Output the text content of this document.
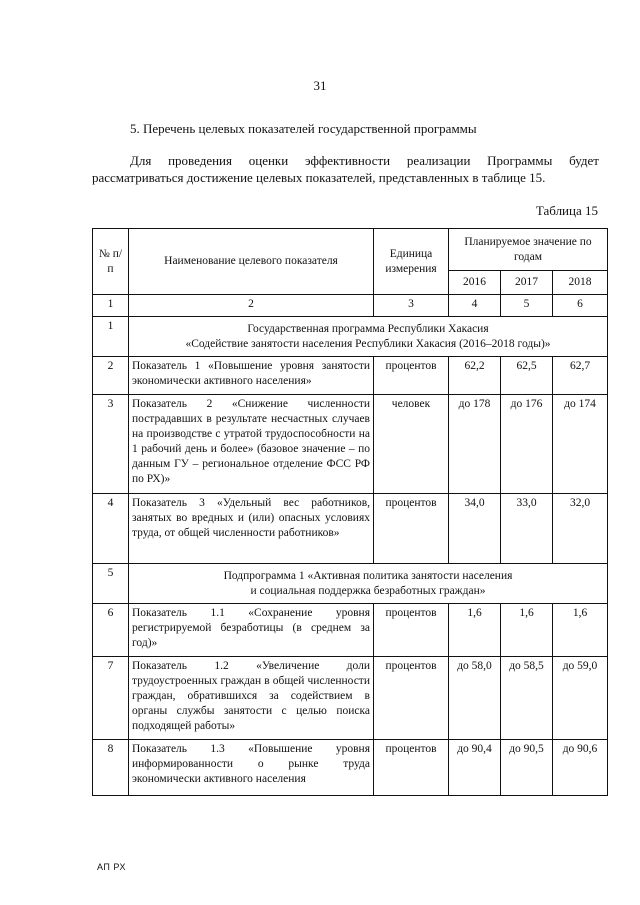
31
5. Перечень целевых показателей государственной программы
Для проведения оценки эффективности реализации Программы будет
рассматриваться достижение целевых показателей, представленных в таблице 15.
Таблица 15
№ п/п	Наименование целевого показателя	Единица измерения	Планируемое значение по годам		
			2016	2017	2018
1	2	3	4	5	6
1	Государственная программа Республики Хакасия
«Содействие занятости населения Республики Хакасия (2016–2018 годы)»				

2	Показатель 1 «Повышение уровня занятости экономически активного населения»	процентов	62,2	62,5	62,7
3	Показатель 2 «Снижение численности пострадавших в результате несчастных случаев на производстве с утратой трудоспособности на 1 рабочий день и более» (базовое значение – по данным ГУ – региональное отделение ФСС РФ по РХ)»	человек	до 178	до 176	до 174
4	Показатель 3 «Удельный вес работников, занятых во вредных и (или) опасных условиях труда, от общей численности работников»	процентов	34,0	33,0	32,0
5	Подпрограмма 1 «Активная политика занятости населения
и социальная поддержка безработных граждан»				

6	Показатель 1.1 «Сохранение уровня регистрируемой безработицы (в среднем за год)»	процентов	1,6	1,6	1,6
7	Показатель 1.2 «Увеличение доли трудоустроенных граждан в общей численности граждан, обратившихся за содействием в органы службы занятости с целью поиска подходящей работы»	процентов	до 58,0	до 58,5	до 59,0
8	Показатель 1.3 «Повышение уровня информированности о рынке труда экономически активного населения	процентов	до 90,4	до 90,5	до 90,6
АП РХ
